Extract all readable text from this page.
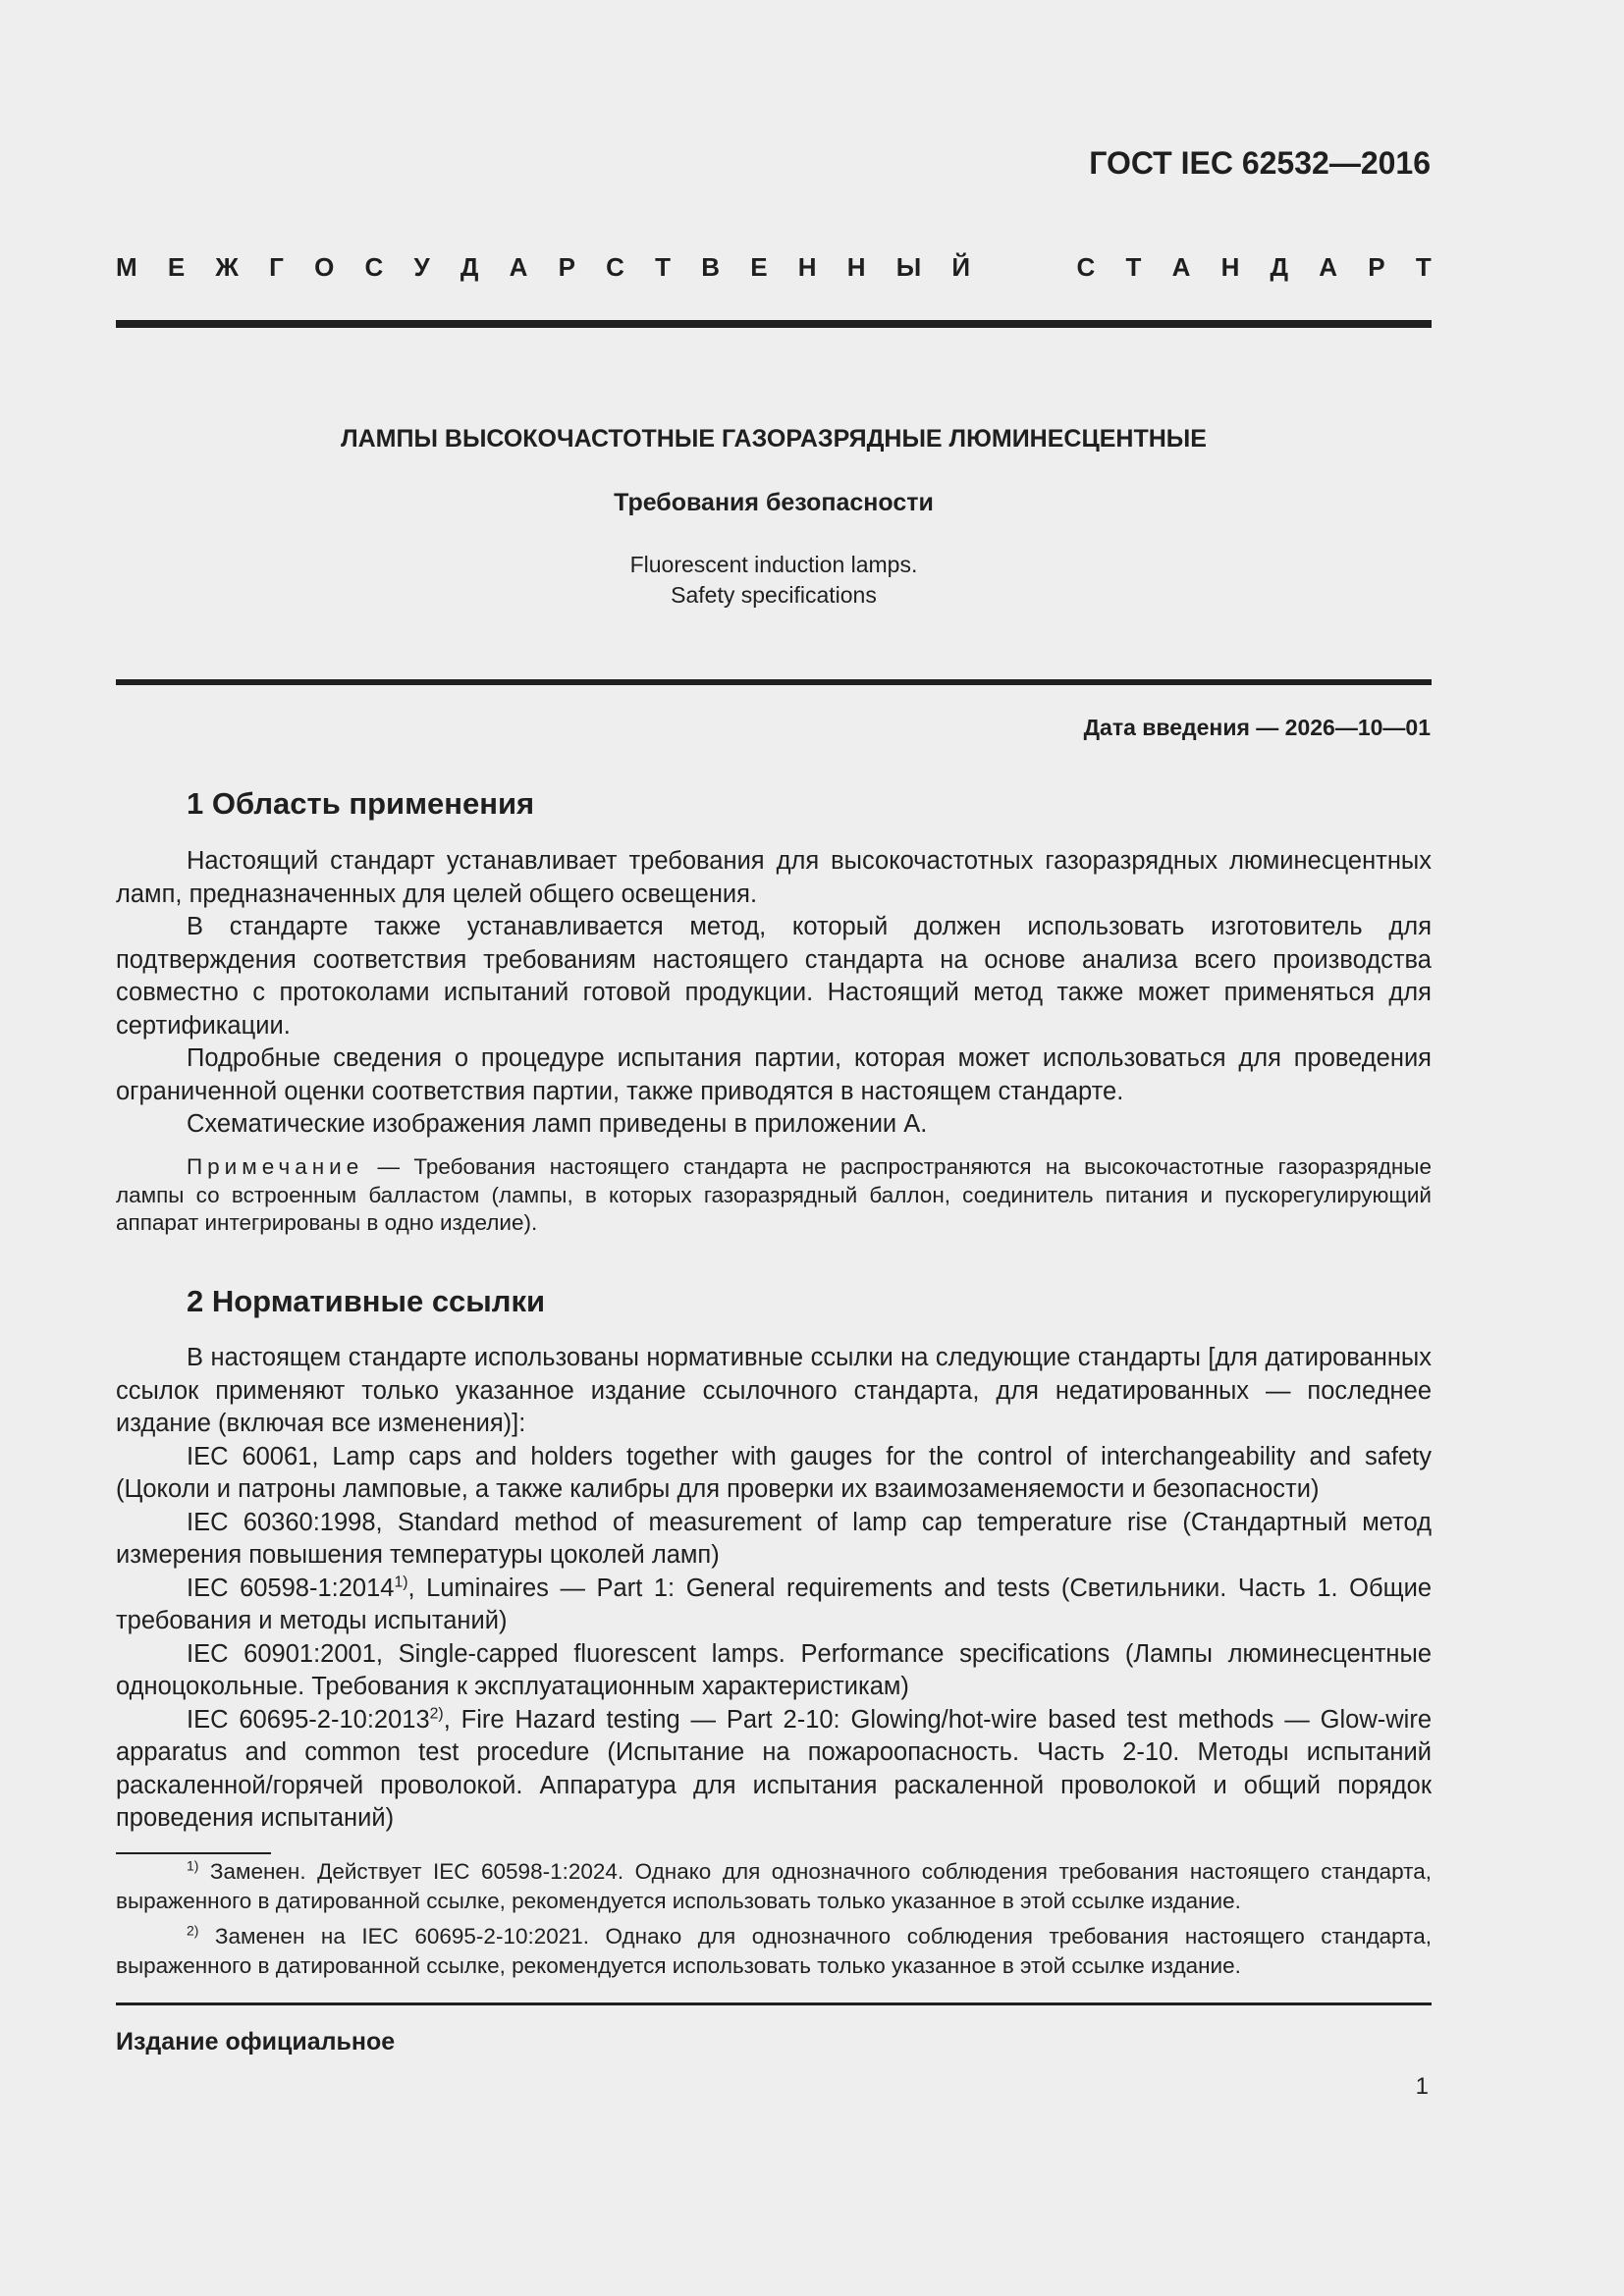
ГОСТ IEC 62532—2016
М Е Ж Г О С У Д А Р С Т В Е Н Н Ы Й	С Т А Н Д А Р Т
ЛАМПЫ ВЫСОКОЧАСТОТНЫЕ ГАЗОРАЗРЯДНЫЕ ЛЮМИНЕСЦЕНТНЫЕ
Требования безопасности
Fluorescent induction lamps.
Safety specifications
Дата введения — 2026—10—01
1 Область применения

Настоящий стандарт устанавливает требования для высокочастотных газоразрядных люминесцентных ламп, предназначенных для целей общего освещения.

В стандарте также устанавливается метод, который должен использовать изготовитель для подтверждения соответствия требованиям настоящего стандарта на основе анализа всего производства совместно с протоколами испытаний готовой продукции. Настоящий метод также может применяться для сертификации.

Подробные сведения о процедуре испытания партии, которая может использоваться для проведения ограниченной оценки соответствия партии, также приводятся в настоящем стандарте.

Схематические изображения ламп приведены в приложении А.

Примечание — Требования настоящего стандарта не распространяются на высокочастотные газоразрядные лампы со встроенным балластом (лампы, в которых газоразрядный баллон, соединитель питания и пускорегулирующий аппарат интегрированы в одно изделие).

2 Нормативные ссылки

В настоящем стандарте использованы нормативные ссылки на следующие стандарты [для датированных ссылок применяют только указанное издание ссылочного стандарта, для недатированных — последнее издание (включая все изменения)]:

IEC 60061, Lamp caps and holders together with gauges for the control of interchangeability and safety (Цоколи и патроны ламповые, а также калибры для проверки их взаимозаменяемости и безопасности)

IEC 60360:1998, Standard method of measurement of lamp cap temperature rise (Стандартный метод измерения повышения температуры цоколей ламп)

IEC 60598-1:2014$^{1)}$, Luminaires — Part 1: General requirements and tests (Светильники. Часть 1. Общие требования и методы испытаний)

IEC 60901:2001, Single-capped fluorescent lamps. Performance specifications (Лампы люминесцентные одноцокольные. Требования к эксплуатационным характеристикам)

IEC 60695-2-10:2013$^{2)}$, Fire Hazard testing — Part 2-10: Glowing/hot-wire based test methods — Glow-wire apparatus and common test procedure (Испытание на пожароопасность. Часть 2-10. Методы испытаний раскаленной/горячей проволокой. Аппаратура для испытания раскаленной проволокой и общий порядок проведения испытаний)

$^{1)}$ Заменен. Действует IEC 60598-1:2024. Однако для однозначного соблюдения требования настоящего стандарта, выраженного в датированной ссылке, рекомендуется использовать только указанное в этой ссылке издание.

$^{2)}$ Заменен на IEC 60695-2-10:2021. Однако для однозначного соблюдения требования настоящего стандарта, выраженного в датированной ссылке, рекомендуется использовать только указанное в этой ссылке издание.

Издание официальное
1
